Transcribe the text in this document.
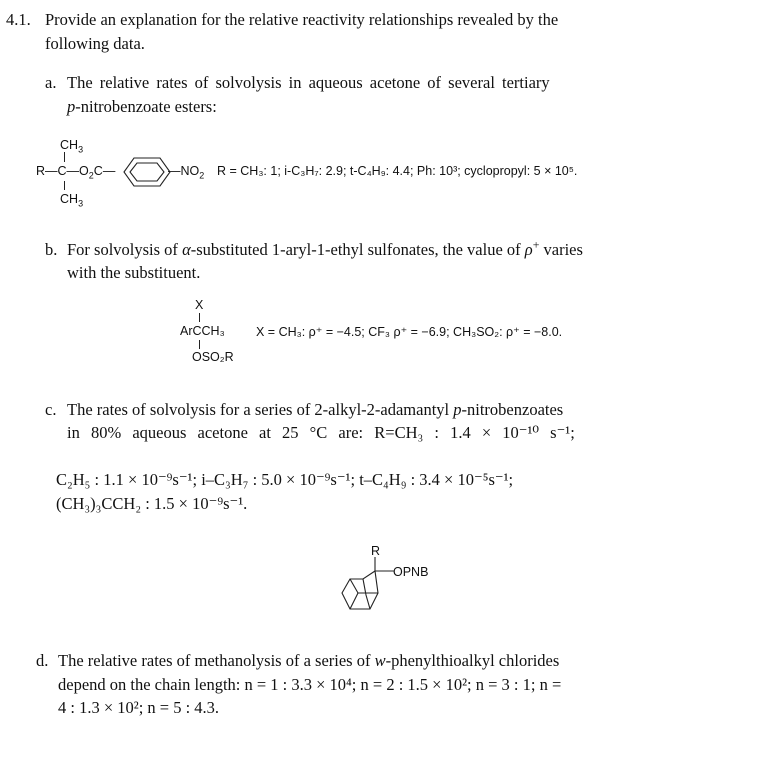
4.1. Provide an explanation for the relative reactivity relationships revealed by the
following data.
a. The relative rates of solvolysis in aqueous acetone of several tertiary
p-nitrobenzoate esters:
$CH_3$
$R—C—O_2C—$
$CH_3$
$—NO_2$ R = CH₃: 1; i-C₃H₇: 2.9; t-C₄H₉: 4.4; Ph: 10³; cyclopropyl: 5 × 10⁵.
b. For solvolysis of α-substituted 1-aryl-1-ethyl sulfonates, the value of ρ+ varies
with the substituent.
X
ArCCH₃
OSO₂R
X = CH₃: ρ⁺ = −4.5; CF₃ ρ⁺ = −6.9; CH₃SO₂: ρ⁺ = −8.0.
c. The rates of solvolysis for a series of 2-alkyl-2-adamantyl p-nitrobenzoates
in 80% aqueous acetone at 25 °C are: R=CH₃ : 1.4 × 10⁻¹⁰ s⁻¹;
C₂H₅ : 1.1 × 10⁻⁹s⁻¹; i–C₃H₇ : 5.0 × 10⁻⁹s⁻¹; t–C₄H₉ : 3.4 × 10⁻⁵s⁻¹;
(CH₃)₃CCH₂ : 1.5 × 10⁻⁹s⁻¹.
R
OPNB
d. The relative rates of methanolysis of a series of w-phenylthioalkyl chlorides
depend on the chain length: n = 1 : 3.3 × 10⁴; n = 2 : 1.5 × 10²; n = 3 : 1; n =
4 : 1.3 × 10²; n = 5 : 4.3.
